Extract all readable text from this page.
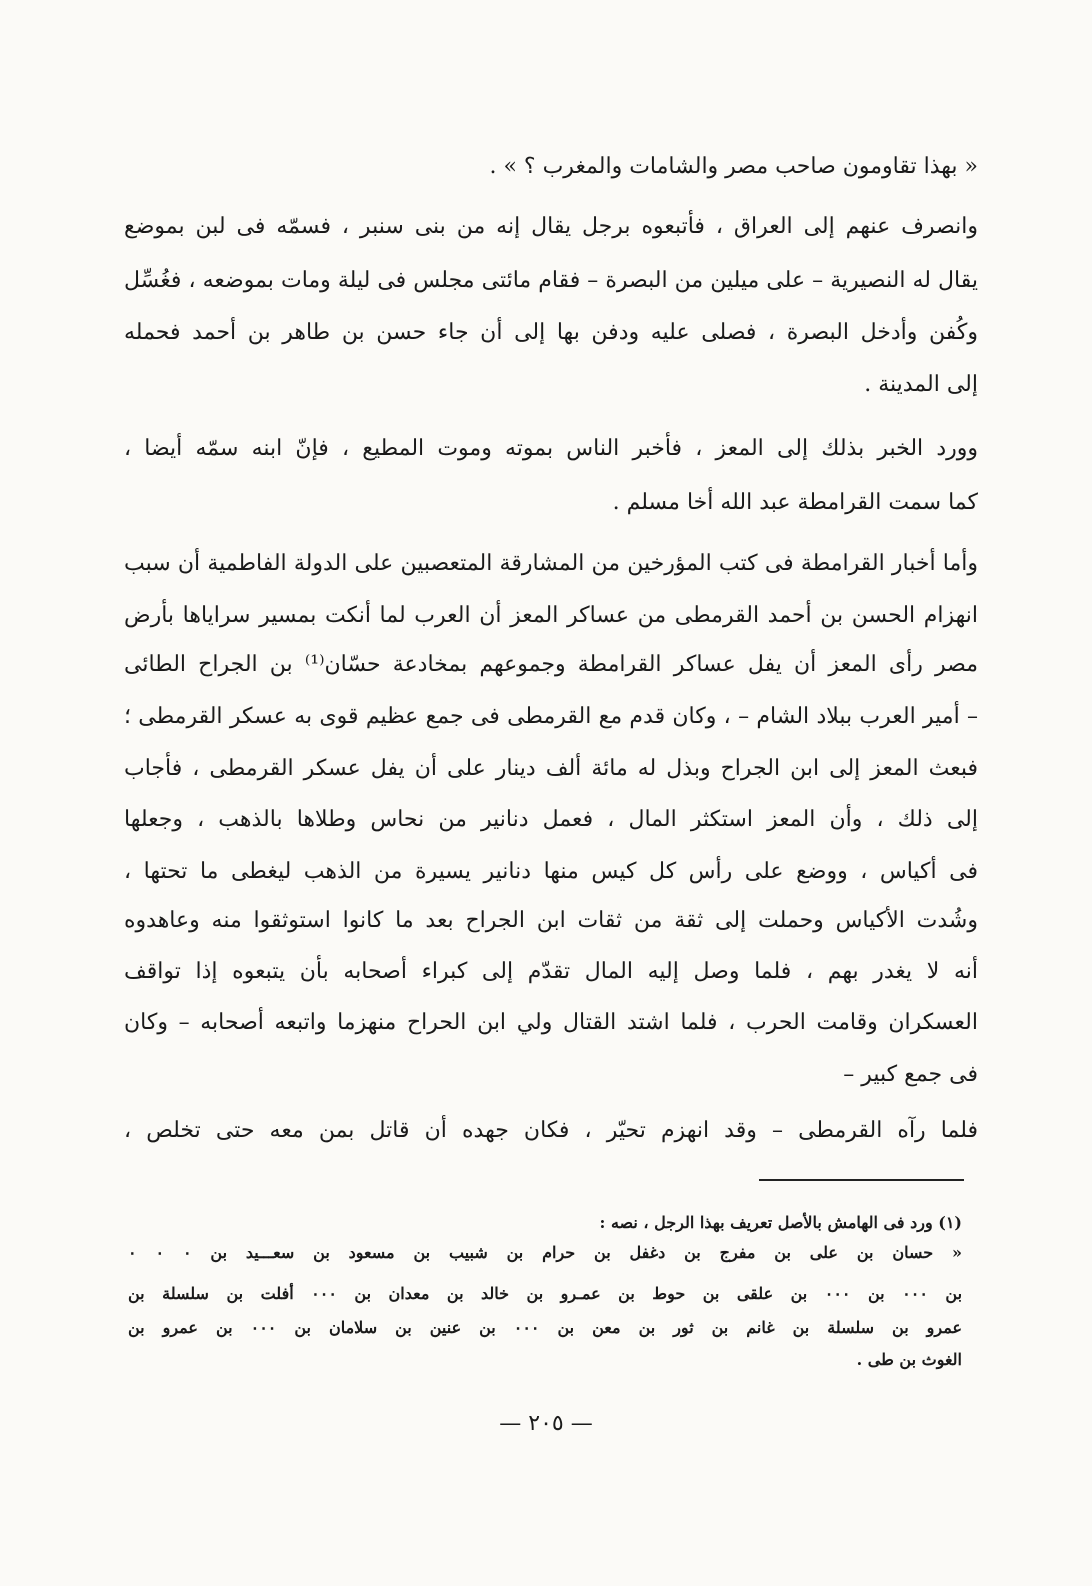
« بهذا تقاومون صاحب مصر والشامات والمغرب ؟ » .
وانصرف عنهم إلى العراق ، فأتبعوه برجل يقال إنه من بنى سنبر ، فسمّه فى لبن بموضع
يقال له النصيرية – على ميلين من البصرة – فقام مائتى مجلس فى ليلة ومات بموضعه ، فغُسِّل
وكُفن وأدخل البصرة ، فصلى عليه ودفن بها إلى أن جاء حسن بن طاهر بن أحمد فحمله
إلى المدينة .
وورد الخبر بذلك إلى المعز ، فأخبر الناس بموته وموت المطيع ، فإنّ ابنه سمّه أيضا ،
كما سمت القرامطة عبد الله أخا مسلم .
وأما أخبار القرامطة فى كتب المؤرخين من المشارقة المتعصبين على الدولة الفاطمية أن سبب
انهزام الحسن بن أحمد القرمطى من عساكر المعز أن العرب لما أنكت بمسير سراياها بأرض
مصر رأى المعز أن يفل عساكر القرامطة وجموعهم بمخادعة حسّان⁽¹⁾ بن الجراح الطائى
– أمير العرب ببلاد الشام – ، وكان قدم مع القرمطى فى جمع عظيم قوى به عسكر القرمطى ؛
فبعث المعز إلى ابن الجراح وبذل له مائة ألف دينار على أن يفل عسكر القرمطى ، فأجاب
إلى ذلك ، وأن المعز استكثر المال ، فعمل دنانير من نحاس وطلاها بالذهب ، وجعلها
فى أكياس ، ووضع على رأس كل كيس منها دنانير يسيرة من الذهب ليغطى ما تحتها ،
وشُدت الأكياس وحملت إلى ثقة من ثقات ابن الجراح بعد ما كانوا استوثقوا منه وعاهدوه
أنه لا يغدر بهم ، فلما وصل إليه المال تقدّم إلى كبراء أصحابه بأن يتبعوه إذا تواقف
العسكران وقامت الحرب ، فلما اشتد القتال ولي ابن الحراح منهزما واتبعه أصحابه – وكان
فى جمع كبير –
فلما رآه القرمطى – وقد انهزم تحيّر ، فكان جهده أن قاتل بمن معه حتى تخلص ،
(١) ورد فى الهامش بالأصل تعريف بهذا الرجل ، نصه :
« حسان بن على بن مفرج بن دغفل بن حرام بن شبيب بن مسعود بن سعـــيد بن ٠ ٠ ٠
بن ٠٠٠ بن ٠٠٠ بن علقى بن حوط بن عمـرو بن خالد بن معدان بن ٠٠٠ أفلت بن سلسلة بن
عمرو بن سلسلة بن غانم بن ثور بن معن بن ٠٠٠ بن عنين بن سلامان بن ٠٠٠ بن عمرو بن
الغوث بن طى .
— ٢٠٥ —
